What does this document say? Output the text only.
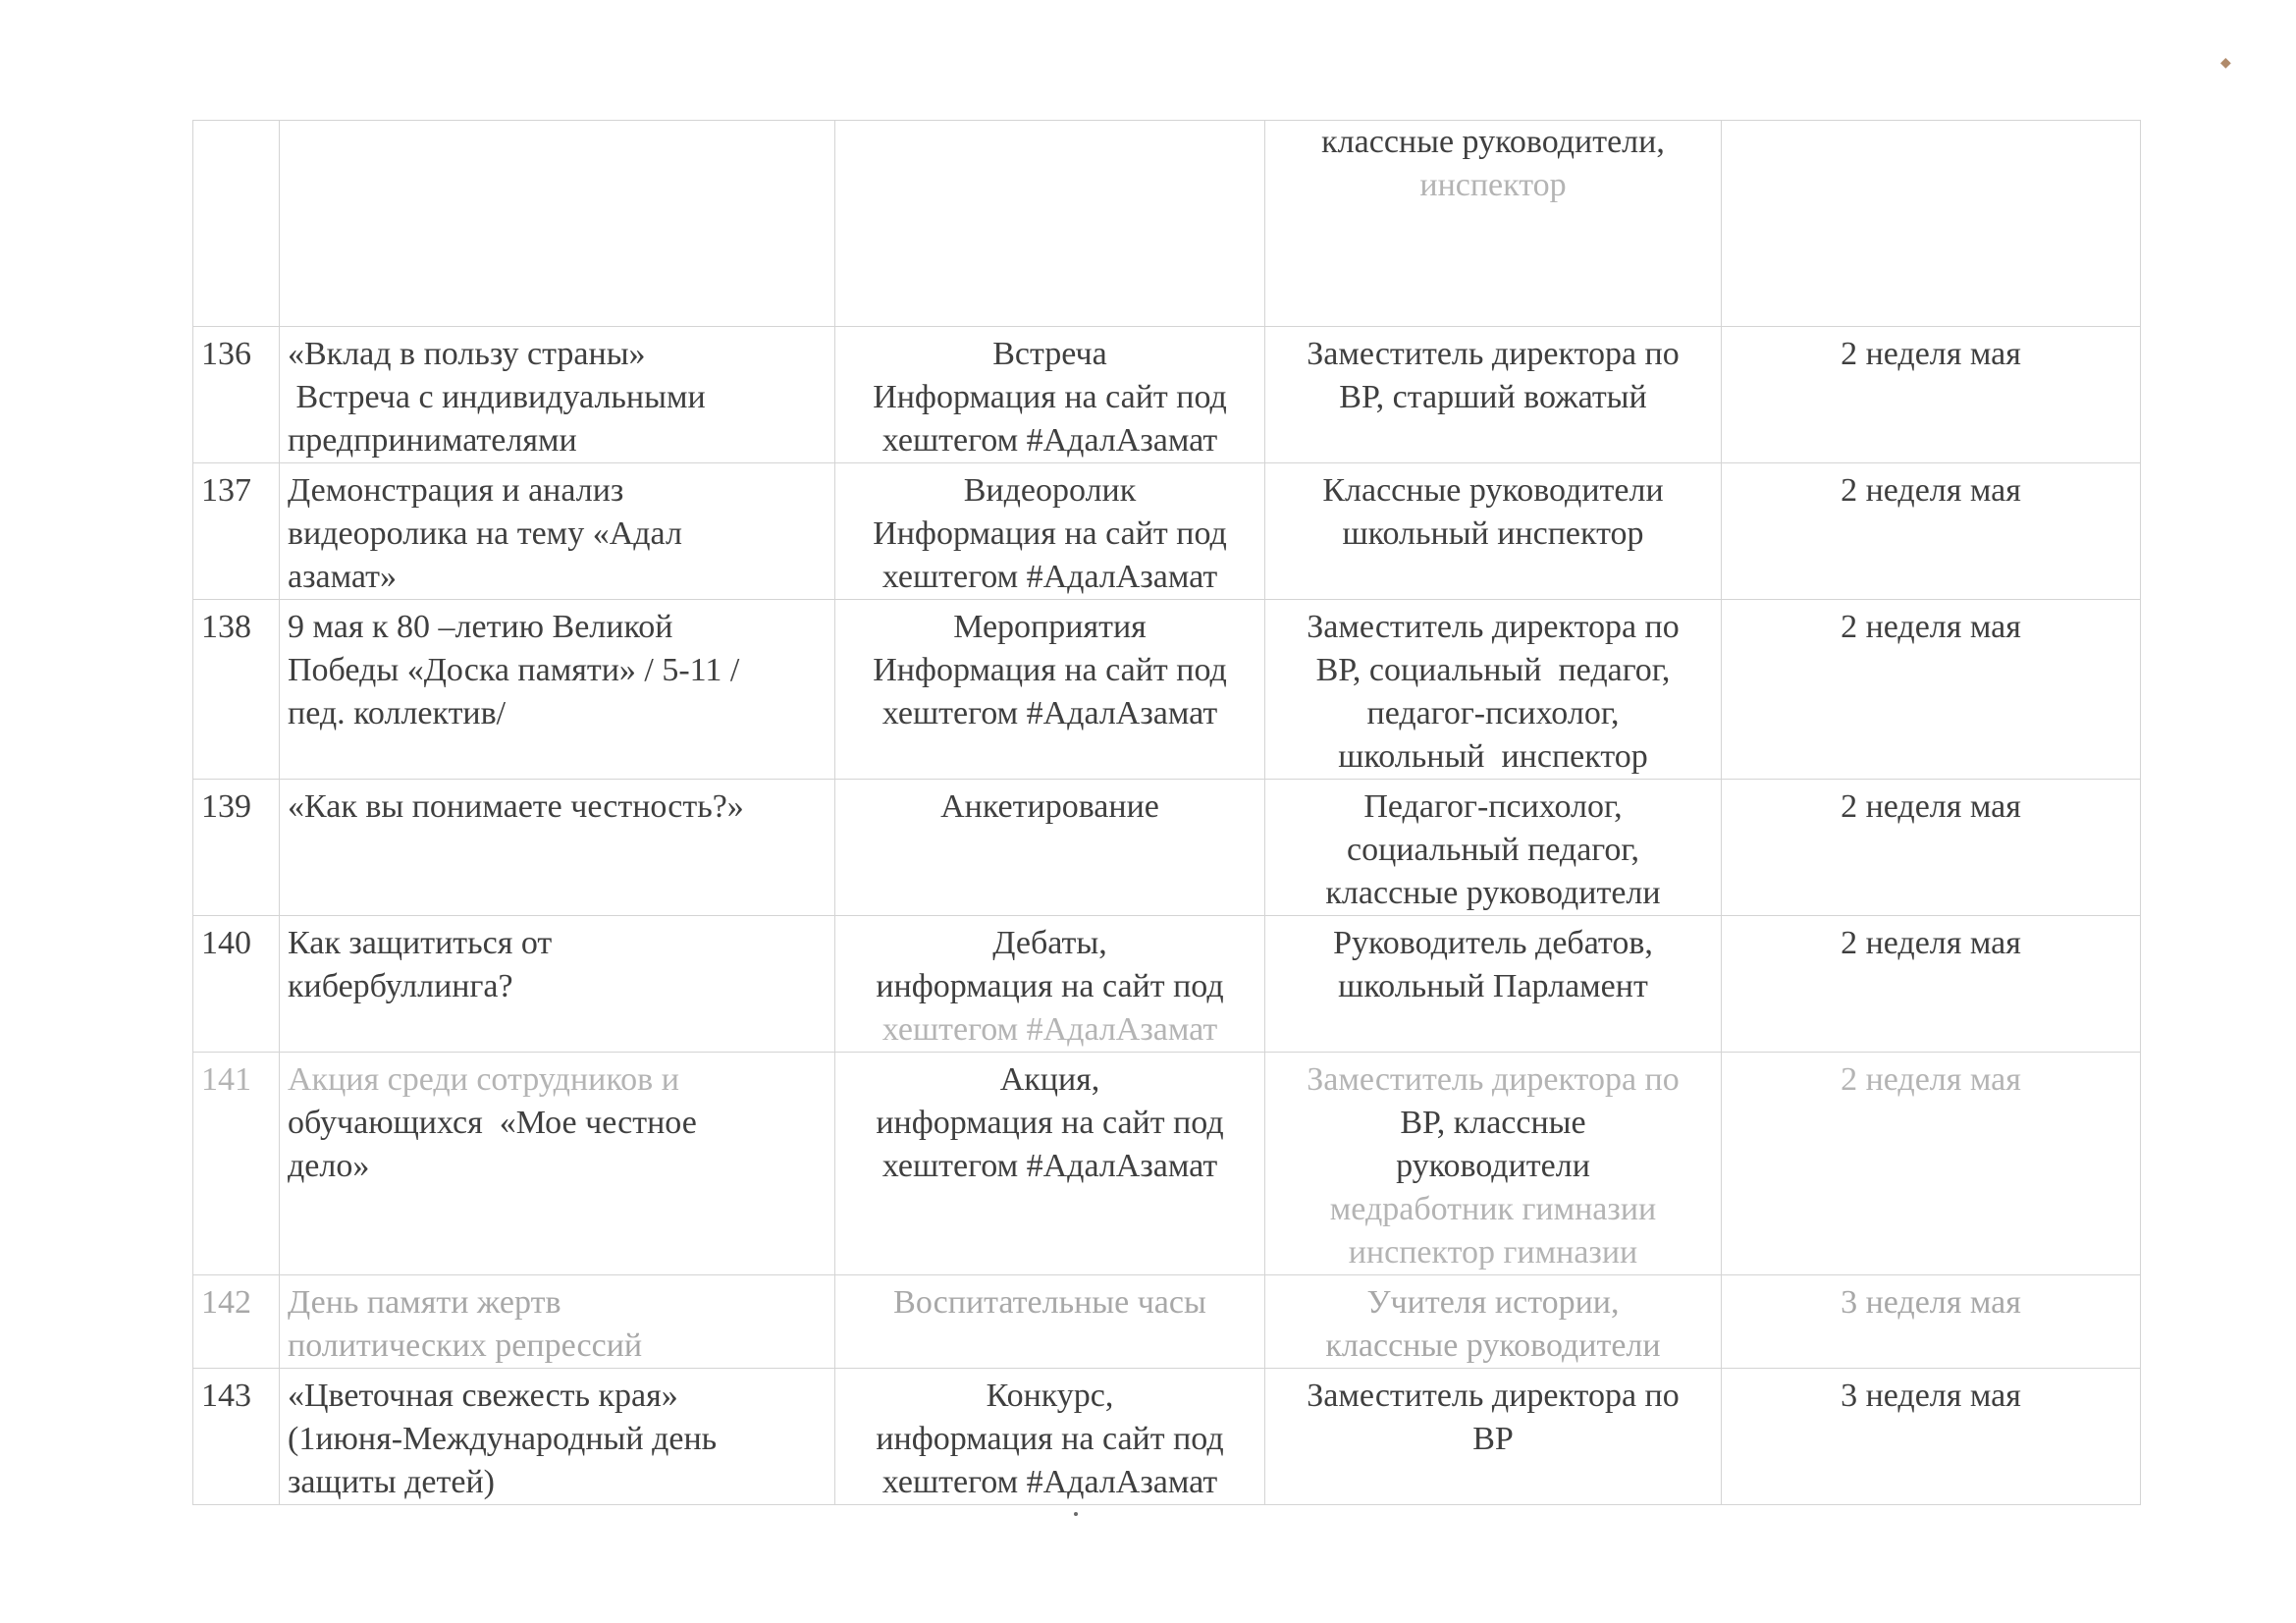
◆

			классные руководители,
инспектор	

136	«Вклад в пользу страны»
Встреча с индивидуальными
предпринимателями	Встреча
Информация на сайт под
хештегом #АдалАзамат	Заместитель директора по
ВР, старший вожатый	2 неделя мая
137	Демонстрация и анализ
видеоролика на тему «Адал
азамат»	Видеоролик
Информация на сайт под
хештегом #АдалАзамат	Классные руководители
школьный инспектор	2 неделя мая
138	9 мая к 80 –летию Великой
Победы «Доска памяти» / 5-11 /
пед. коллектив/	Мероприятия
Информация на сайт под
хештегом #АдалАзамат	Заместитель директора по
ВР, социальный  педагог,
педагог-психолог,
школьный  инспектор	2 неделя мая
139	«Как вы понимаете честность?»	Анкетирование	Педагог-психолог,
социальный педагог,
классные руководители	2 неделя мая
140	Как защититься от
кибербуллинга?	Дебаты,
информация на сайт под
хештегом #АдалАзамат	Руководитель дебатов,
школьный Парламент	2 неделя мая
141	Акция среди сотрудников и
обучающихся  «Мое честное
дело»	Акция,
информация на сайт под
хештегом #АдалАзамат	Заместитель директора по
ВР, классные
руководители
медработник гимназии
инспектор гимназии	2 неделя мая
142	День памяти жертв
политических репрессий	Воспитательные часы	Учителя истории,
классные руководители	3 неделя мая
143	«Цветочная свежесть края»
(1июня-Международный день
защиты детей)	Конкурс,
информация на сайт под
хештегом #АдалАзамат	Заместитель директора по
ВР	3 неделя мая
